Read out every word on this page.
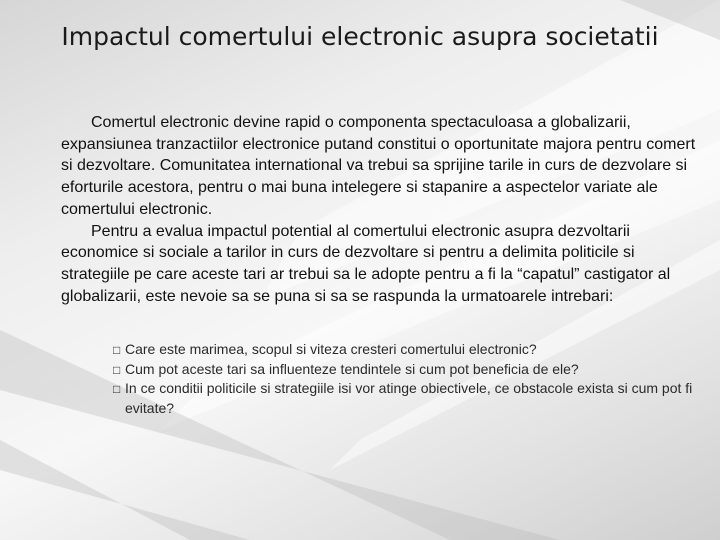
Impactul comertului electronic asupra societatii

Comertul electronic devine rapid o componenta spectaculoasa a globalizarii, expansiunea tranzactiilor electronice putand constitui o oportunitate majora pentru comert si dezvoltare. Comunitatea international va trebui sa sprijine tarile in curs de dezvolare si eforturile acestora, pentru o mai buna intelegere si stapanire a aspectelor variate ale comertului electronic.

Pentru a evalua impactul potential al comertului electronic asupra dezvoltarii economice si sociale a tarilor in curs de dezvoltare si pentru a delimita politicile si strategiile pe care aceste tari ar trebui sa le adopte pentru a fi la “capatul” castigator al globalizarii, este nevoie sa se puna si sa se raspunda la urmatoarele intrebari:

□ Care este marimea, scopul si viteza cresteri comertului electronic?
□ Cum pot aceste tari sa influenteze tendintele si cum pot beneficia de ele?
□ In ce conditii politicile si strategiile isi vor atinge obiectivele, ce obstacole exista si cum pot fi evitate?
